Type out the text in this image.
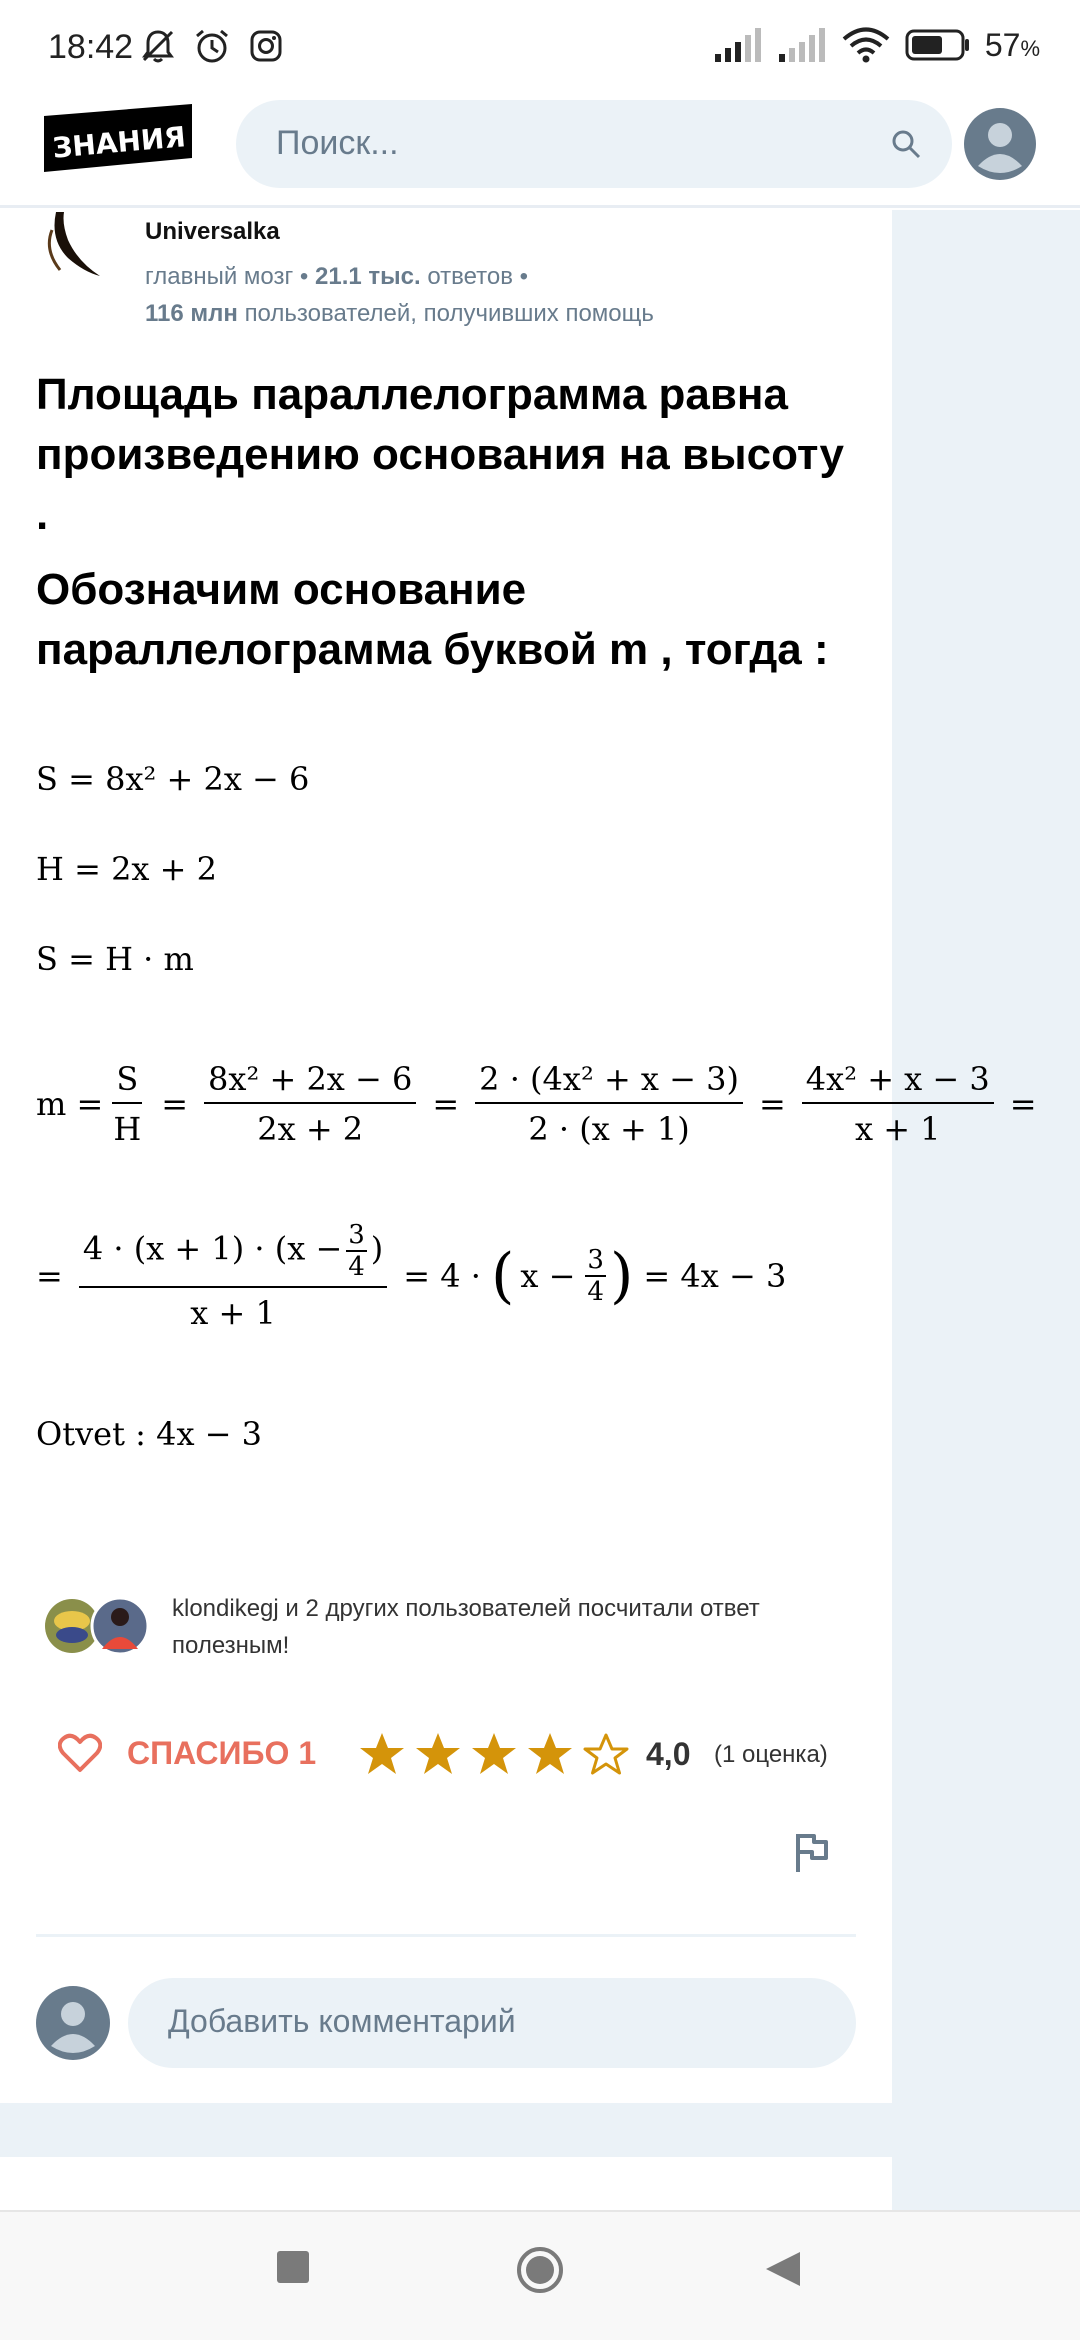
18:42	57%
ЗНАНИЯ	Поиск...
Universalka
главный мозг • 21.1 тыс. ответов •
116 млн пользователей, получивших помощь
Площадь параллелограмма равна произведению основания на высоту .
Обозначим основание параллелограмма буквой m , тогда :
S = 8x² + 2x − 6
H = 2x + 2
S = H · m
$m = \frac{S}{H} = \frac{\text{8x² + 2x − 6}}{2x + 2} = \frac{\text{2 · (4x² + x − 3)}}{2 \cdot (x + 1)} = \frac{\text{4x² + x − 3}}{x + 1}$ =
= $\frac{4 \cdot (x + 1) \cdot (x - \frac{3}{4} )}{x + 1} = 4$ · ( $x - \frac{3}{4}$ ) = 4x − 3
Otvet : 4x − 3
klondikegj и 2 других пользователей посчитали ответ полезным!
СПАСИБО 1	4,0 (1 оценка)
Добавить комментарий
